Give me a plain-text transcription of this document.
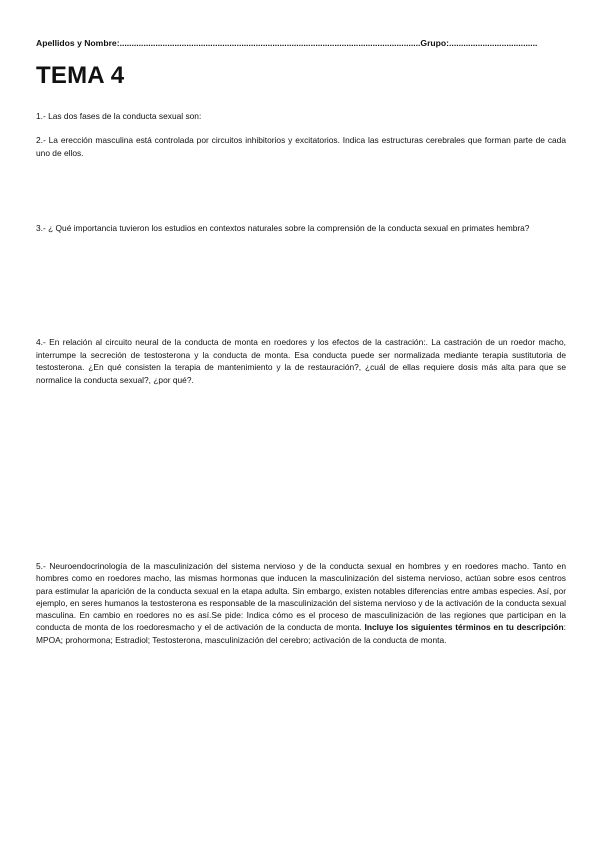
Apellidos y Nombre:..............................................................................................................................Grupo:.....................................
TEMA 4
1.- Las dos fases de la conducta sexual son:
2.- La erección masculina está controlada por circuitos inhibitorios y excitatorios. Indica las estructuras cerebrales que forman parte de cada uno de ellos.
3.- ¿ Qué importancia tuvieron los estudios en contextos naturales sobre la comprensión de la conducta sexual en primates hembra?
4.- En relación al circuito neural de la conducta de monta en roedores y los efectos de la castración:. La castración de un roedor macho, interrumpe la secreción de testosterona y la conducta de monta. Esa conducta puede ser normalizada mediante terapia sustitutoria de testosterona. ¿En qué consisten la terapia de mantenimiento y la de restauración?, ¿cuál de ellas requiere dosis más alta para que se normalice la conducta sexual?, ¿por qué?.
5.- Neuroendocrinología de la masculinización del sistema nervioso y de la conducta sexual en hombres y en roedores macho. Tanto en hombres como en roedores macho, las mismas hormonas que inducen la masculinización del sistema nervioso, actúan sobre esos centros para estimular la aparición de la conducta sexual en la etapa adulta. Sin embargo, existen notables diferencias entre ambas especies. Así, por ejemplo, en seres humanos la testosterona es responsable de la masculinización del sistema nervioso y de la activación de la conducta sexual masculina. En cambio en roedores no es así.Se pide: Indica cómo es el proceso de masculinización de las regiones que participan en la conducta de monta de los roedoresmacho y el de activación de la conducta de monta. Incluye los siguientes términos en tu descripción: MPOA; prohormona; Estradiol; Testosterona, masculinización del cerebro; activación de la conducta de monta.
